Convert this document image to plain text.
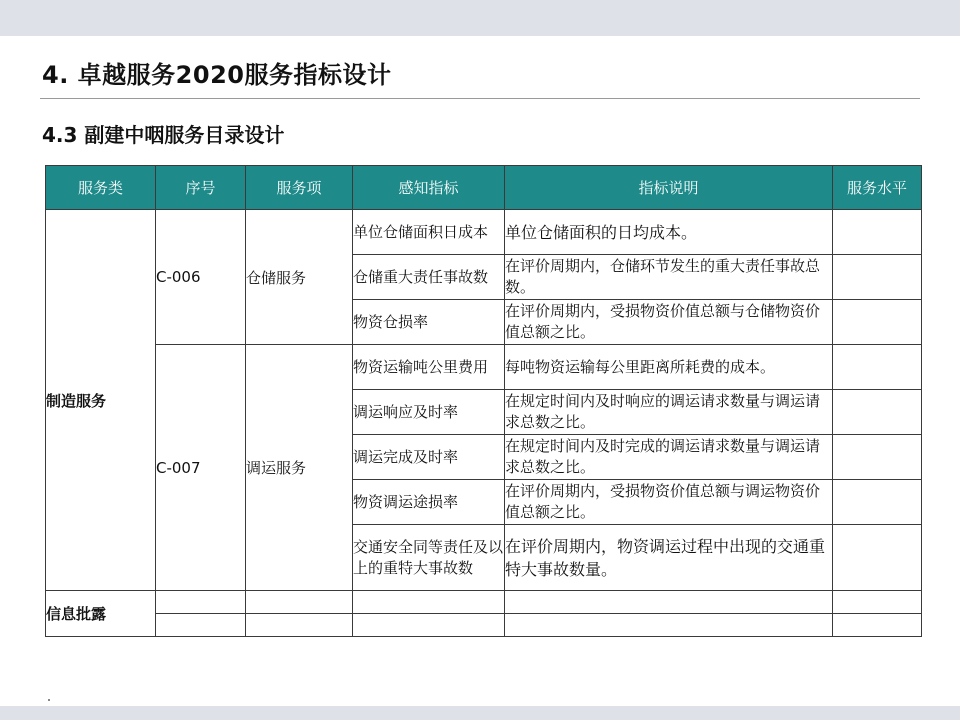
4. 卓越服务2020服务指标设计
4.3 副建中咽服务目录设计
服务类	序号	服务项	感知指标	指标说明	服务水平
制造服务	C-006	仓储服务	单位仓储面积日成本	单位仓储面积的日均成本。	
			仓储重大责任事故数	在评价周期内，仓储环节发生的重大责任事故总数。	
			物资仓损率	在评价周期内，受损物资价值总额与仓储物资价值总额之比。	
	C-007	调运服务	物资运输吨公里费用	每吨物资运输每公里距离所耗费的成本。	
			调运响应及时率	在规定时间内及时响应的调运请求数量与调运请求总数之比。	
			调运完成及时率	在规定时间内及时完成的调运请求数量与调运请求总数之比。	
			物资调运途损率	在评价周期内，受损物资价值总额与调运物资价值总额之比。	
			交通安全同等责任及以上的重特大事故数	在评价周期内，物资调运过程中出现的交通重特大事故数量。	
信息批露					
